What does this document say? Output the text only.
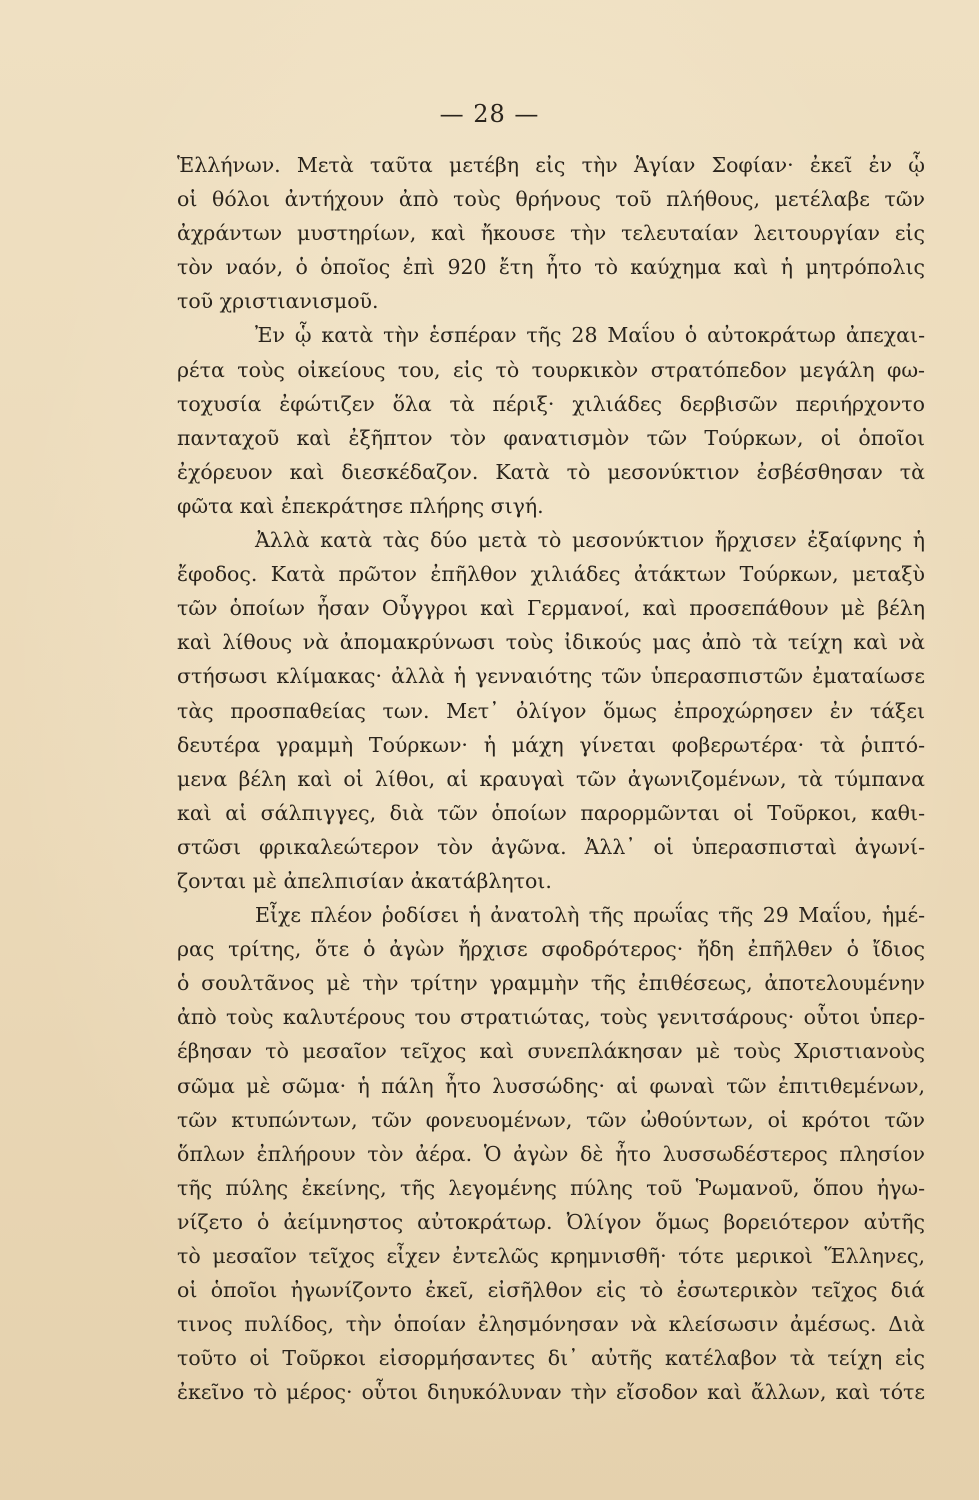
— 28 —
Ἑλλήνων. Μετὰ ταῦτα μετέβη εἰς τὴν Ἁγίαν Σοφίαν· ἐκεῖ ἐν ᾧ
οἱ θόλοι ἀντήχουν ἀπὸ τοὺς θρήνους τοῦ πλήθους, μετέλαβε τῶν
ἀχράντων μυστηρίων, καὶ ἤκουσε τὴν τελευταίαν λειτουργίαν εἰς
τὸν ναόν, ὁ ὁποῖος ἐπὶ 920 ἔτη ἦτο τὸ καύχημα καὶ ἡ μητρόπολις
τοῦ χριστιανισμοῦ.
Ἐν ᾧ κατὰ τὴν ἑσπέραν τῆς 28 Μαΐου ὁ αὐτοκράτωρ ἀπεχαι-
ρέτα τοὺς οἰκείους του, εἰς τὸ τουρκικὸν στρατόπεδον μεγάλη φω-
τοχυσία ἐφώτιζεν ὅλα τὰ πέριξ· χιλιάδες δερβισῶν περιήρχοντο
πανταχοῦ καὶ ἐξῆπτον τὸν φανατισμὸν τῶν Τούρκων, οἱ ὁποῖοι
ἐχόρευον καὶ διεσκέδαζον. Κατὰ τὸ μεσονύκτιον ἐσβέσθησαν τὰ
φῶτα καὶ ἐπεκράτησε πλήρης σιγή.
Ἀλλὰ κατὰ τὰς δύο μετὰ τὸ μεσονύκτιον ἤρχισεν ἐξαίφνης ἡ
ἔφοδος. Κατὰ πρῶτον ἐπῆλθον χιλιάδες ἀτάκτων Τούρκων, μεταξὺ
τῶν ὁποίων ἦσαν Οὖγγροι καὶ Γερμανοί, καὶ προσεπάθουν μὲ βέλη
καὶ λίθους νὰ ἀπομακρύνωσι τοὺς ἰδικούς μας ἀπὸ τὰ τείχη καὶ νὰ
στήσωσι κλίμακας· ἀλλὰ ἡ γενναιότης τῶν ὑπερασπιστῶν ἐματαίωσε
τὰς προσπαθείας των. Μετ᾽ ὀλίγον ὅμως ἐπροχώρησεν ἐν τάξει
δευτέρα γραμμὴ Τούρκων· ἡ μάχη γίνεται φοβερωτέρα· τὰ ῥιπτό-
μενα βέλη καὶ οἱ λίθοι, αἱ κραυγαὶ τῶν ἀγωνιζομένων, τὰ τύμπανα
καὶ αἱ σάλπιγγες, διὰ τῶν ὁποίων παρορμῶνται οἱ Τοῦρκοι, καθι-
στῶσι φρικαλεώτερον τὸν ἀγῶνα. Ἀλλ᾽ οἱ ὑπερασπισταὶ ἀγωνί-
ζονται μὲ ἀπελπισίαν ἀκατάβλητοι.
Εἶχε πλέον ῥοδίσει ἡ ἀνατολὴ τῆς πρωΐας τῆς 29 Μαΐου, ἡμέ-
ρας τρίτης, ὅτε ὁ ἀγὼν ἤρχισε σφοδρότερος· ἤδη ἐπῆλθεν ὁ ἴδιος
ὁ σουλτᾶνος μὲ τὴν τρίτην γραμμὴν τῆς ἐπιθέσεως, ἀποτελουμένην
ἀπὸ τοὺς καλυτέρους του στρατιώτας, τοὺς γενιτσάρους· οὗτοι ὑπερ-
έβησαν τὸ μεσαῖον τεῖχος καὶ συνεπλάκησαν μὲ τοὺς Χριστιανοὺς
σῶμα μὲ σῶμα· ἡ πάλη ἦτο λυσσώδης· αἱ φωναὶ τῶν ἐπιτιθεμένων,
τῶν κτυπώντων, τῶν φονευομένων, τῶν ὠθούντων, οἱ κρότοι τῶν
ὅπλων ἐπλήρουν τὸν ἀέρα. Ὁ ἀγὼν δὲ ἦτο λυσσωδέστερος πλησίον
τῆς πύλης ἐκείνης, τῆς λεγομένης πύλης τοῦ Ῥωμανοῦ, ὅπου ἠγω-
νίζετο ὁ ἀείμνηστος αὐτοκράτωρ. Ὀλίγον ὅμως βορειότερον αὐτῆς
τὸ μεσαῖον τεῖχος εἶχεν ἐντελῶς κρημνισθῆ· τότε μερικοὶ Ἕλληνες,
οἱ ὁποῖοι ἠγωνίζοντο ἐκεῖ, εἰσῆλθον εἰς τὸ ἐσωτερικὸν τεῖχος διά
τινος πυλίδος, τὴν ὁποίαν ἐλησμόνησαν νὰ κλείσωσιν ἀμέσως. Διὰ
τοῦτο οἱ Τοῦρκοι εἰσορμήσαντες δι᾽ αὐτῆς κατέλαβον τὰ τείχη εἰς
ἐκεῖνο τὸ μέρος· οὗτοι διηυκόλυναν τὴν εἴσοδον καὶ ἄλλων, καὶ τότε
